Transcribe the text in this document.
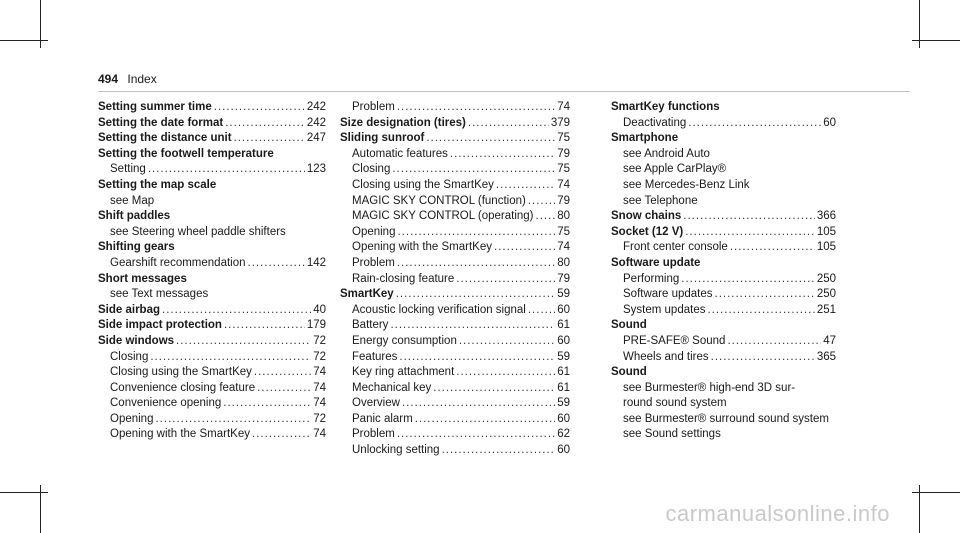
494 Index
Setting summer time .....	242
Setting the date format .....	242
Setting the distance unit .....	247
Setting the footwell temperature
Setting .....	123
Setting the map scale
see Map
Shift paddles
see Steering wheel paddle shifters
Shifting gears
Gearshift recommendation .....	142
Short messages
see Text messages
Side airbag .....	40
Side impact protection .....	179
Side windows .....	72
Closing .....	72
Closing using the SmartKey .....	74
Convenience closing feature .....	74
Convenience opening .....	74
Opening .....	72
Opening with the SmartKey .....	74
Problem .....	74
Size designation (tires) .....	379
Sliding sunroof .....	75
Automatic features .....	79
Closing .....	75
Closing using the SmartKey .....	74
MAGIC SKY CONTROL (function) .....	79
MAGIC SKY CONTROL (operating) ..... 80
Opening .....	75
Opening with the SmartKey .....	74
Problem .....	80
Rain-closing feature .....	79
SmartKey .....	59
Acoustic locking verification signal .....	60
Battery .....	61
Energy consumption .....	60
Features .....	59
Key ring attachment .....	61
Mechanical key .....	61
Overview .....	59
Panic alarm .....	60
Problem .....	62
Unlocking setting .....	60
SmartKey functions
Deactivating .....	60
Smartphone
see Android Auto
see Apple CarPlay®
see Mercedes-Benz Link
see Telephone
Snow chains .....	366
Socket (12 V) .....	105
Front center console .....	105
Software update
Performing .....	250
Software updates .....	250
System updates .....	251
Sound
PRE-SAFE® Sound .....	47
Wheels and tires .....	365
Sound
see Burmester® high-end 3D sur-
round sound system
see Burmester® surround sound system
see Sound settings
carmanualsonline.info
